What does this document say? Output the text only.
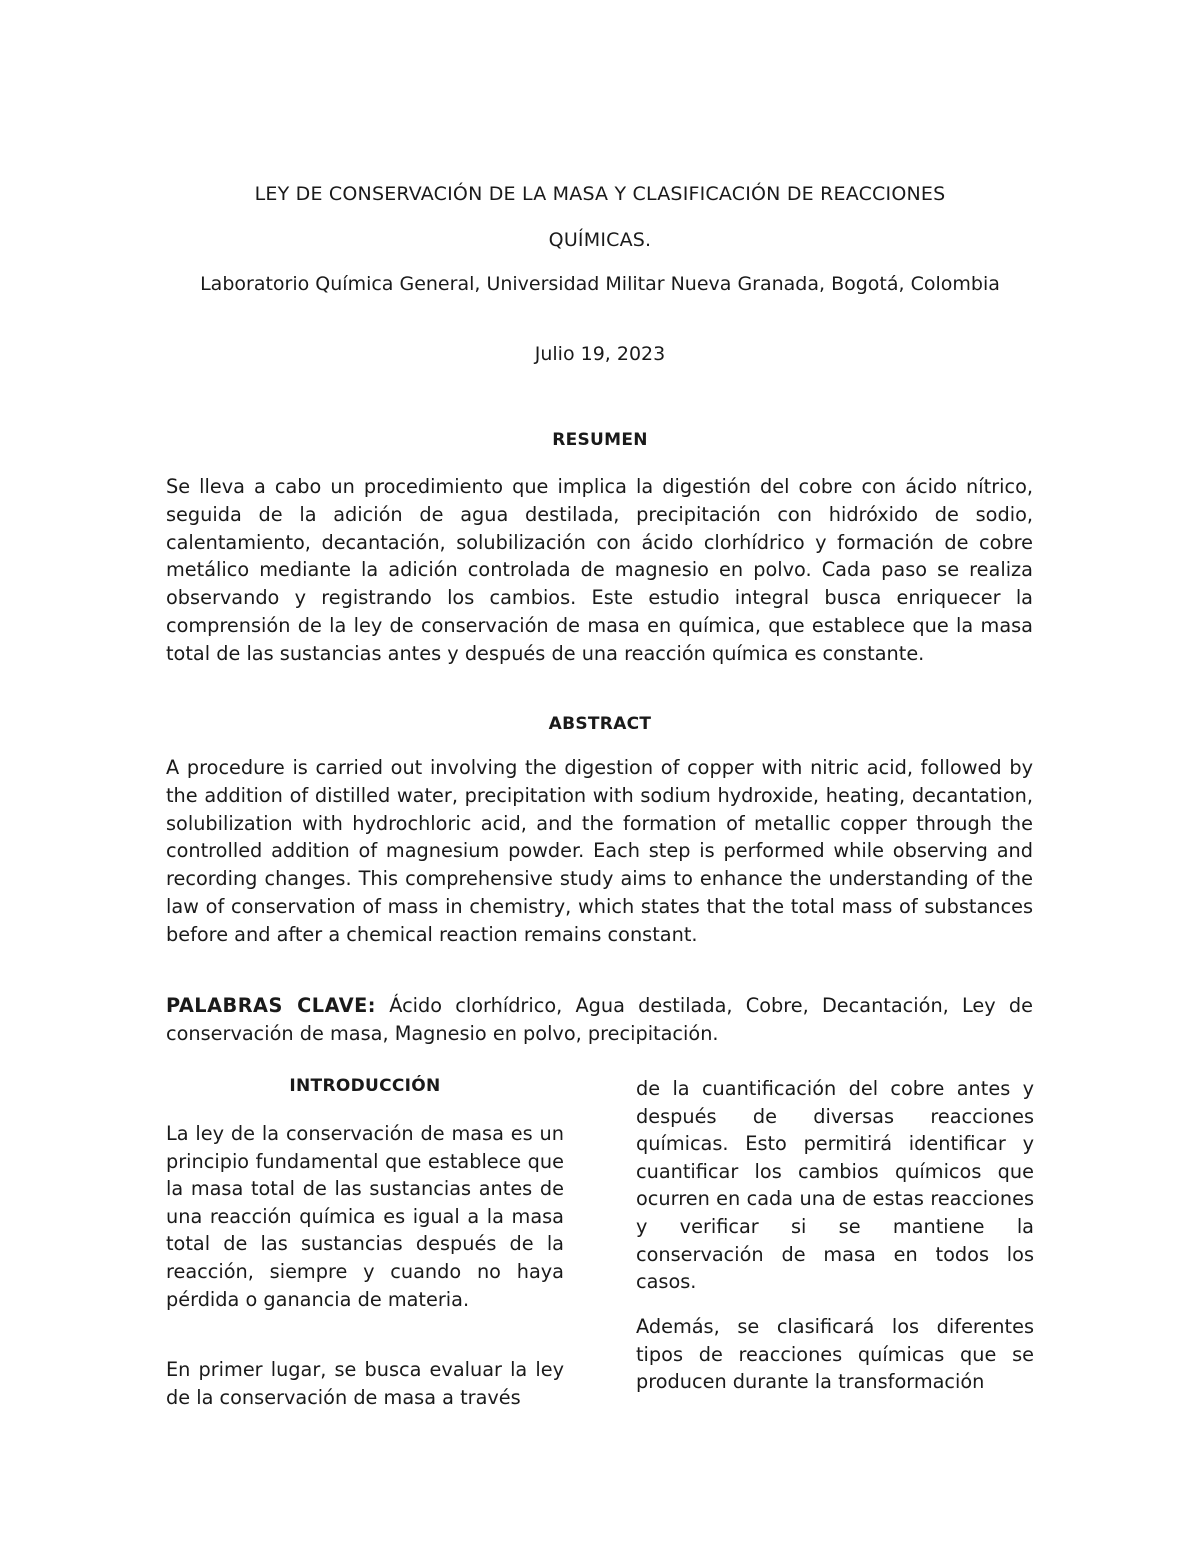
LEY DE CONSERVACIÓN DE LA MASA Y CLASIFICACIÓN DE REACCIONES
QUÍMICAS.
Laboratorio Química General, Universidad Militar Nueva Granada, Bogotá, Colombia
Julio 19, 2023
RESUMEN

Se lleva a cabo un procedimiento que implica la digestión del cobre con ácido nítrico, seguida de la adición de agua destilada, precipitación con hidróxido de sodio, calentamiento, decantación, solubilización con ácido clorhídrico y formación de cobre metálico mediante la adición controlada de magnesio en polvo. Cada paso se realiza observando y registrando los cambios. Este estudio integral busca enriquecer la comprensión de la ley de conservación de masa en química, que establece que la masa total de las sustancias antes y después de una reacción química es constante.

ABSTRACT

A procedure is carried out involving the digestion of copper with nitric acid, followed by the addition of distilled water, precipitation with sodium hydroxide, heating, decantation, solubilization with hydrochloric acid, and the formation of metallic copper through the controlled addition of magnesium powder. Each step is performed while observing and recording changes. This comprehensive study aims to enhance the understanding of the law of conservation of mass in chemistry, which states that the total mass of substances before and after a chemical reaction remains constant.

PALABRAS CLAVE: Ácido clorhídrico, Agua destilada, Cobre, Decantación, Ley de conservación de masa, Magnesio en polvo, precipitación.

INTRODUCCIÓN

La ley de la conservación de masa es un principio fundamental que establece que la masa total de las sustancias antes de una reacción química es igual a la masa total de las sustancias después de la reacción, siempre y cuando no haya pérdida o ganancia de materia.

En primer lugar, se busca evaluar la ley de la conservación de masa a través

de la cuantificación del cobre antes y después de diversas reacciones químicas. Esto permitirá identificar y cuantificar los cambios químicos que ocurren en cada una de estas reacciones y verificar si se mantiene la conservación de masa en todos los casos.

Además, se clasificará los diferentes tipos de reacciones químicas que se producen durante la transformación
